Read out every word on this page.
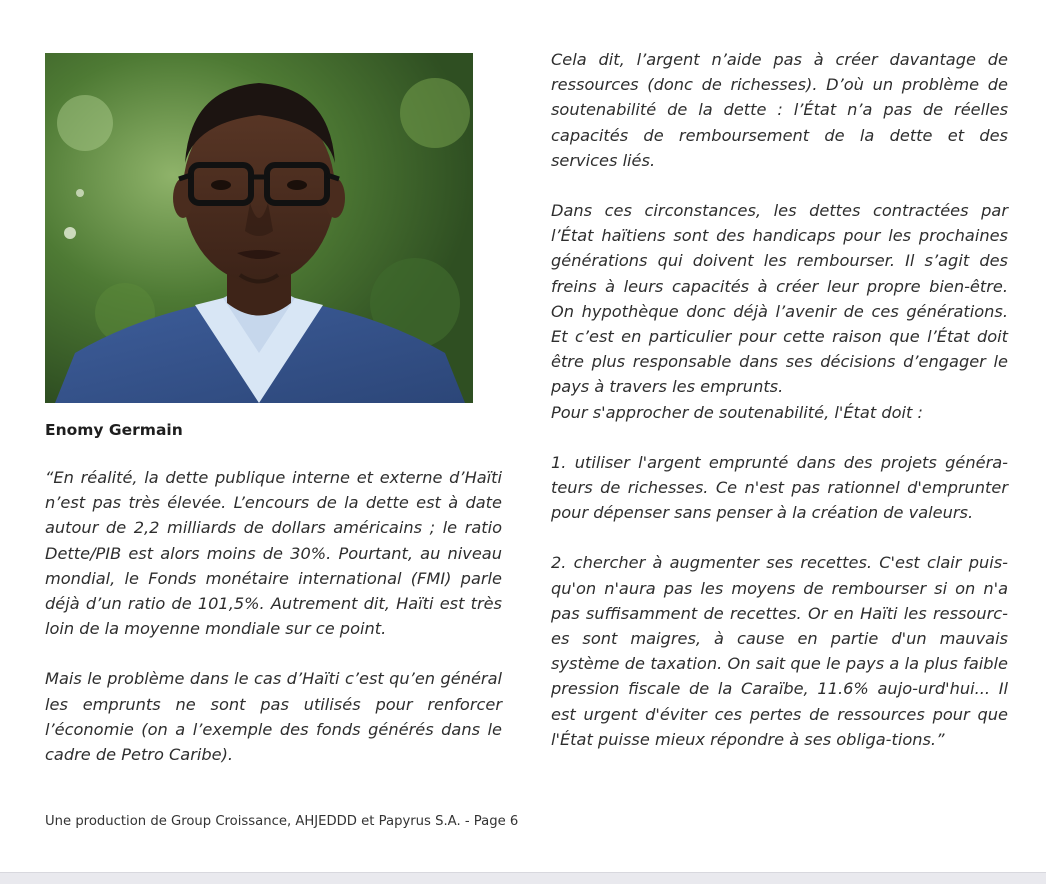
Enomy Germain

“En réalité, la dette publique interne et externe d’Haïti n’est pas très élevée. L’encours de la dette est à date autour de 2,2 milliards de dollars américains ; le ratio Dette/PIB est alors moins de 30%. Pourtant, au niveau mondial, le Fonds monétaire international (FMI) parle déjà d’un ratio de 101,5%. Autrement dit, Haïti est très loin de la moyenne mondiale sur ce point.

Mais le problème dans le cas d’Haïti c’est qu’en général les emprunts ne sont pas utilisés pour renforcer l’économie (on a l’exemple des fonds générés dans le cadre de Petro Caribe).

Cela dit, l’argent n’aide pas à créer davantage de ressources (donc de richesses). D’où un problème de soutenabilité de la dette : l’État n’a pas de réelles capacités de remboursement de la dette et des services liés.

Dans ces circonstances, les dettes contractées par l’État haïtiens sont des handicaps pour les prochaines générations qui doivent les rembourser. Il s’agit des freins à leurs capacités à créer leur propre bien-être. On hypothèque donc déjà l’avenir de ces générations. Et c’est en particulier pour cette raison que l’État doit être plus responsable dans ses décisions d’engager le pays à travers les emprunts.

Pour s'approcher de soutenabilité, l'État doit :

1. utiliser l'argent emprunté dans des projets généra-teurs de richesses. Ce n'est pas rationnel d'emprunter pour dépenser sans penser à la création de valeurs.

2. chercher à augmenter ses recettes. C'est clair puis-qu'on n'aura pas les moyens de rembourser si on n'a pas suffisamment de recettes. Or en Haïti les ressourc-es sont maigres, à cause en partie d'un mauvais système de taxation. On sait que le pays a la plus faible pression fiscale de la Caraïbe, 11.6% aujo-urd'hui... Il est urgent d'éviter ces pertes de ressources pour que l'État puisse mieux répondre à ses obliga-tions.”

Une production de Group Croissance, AHJEDDD et Papyrus S.A. - Page 6
